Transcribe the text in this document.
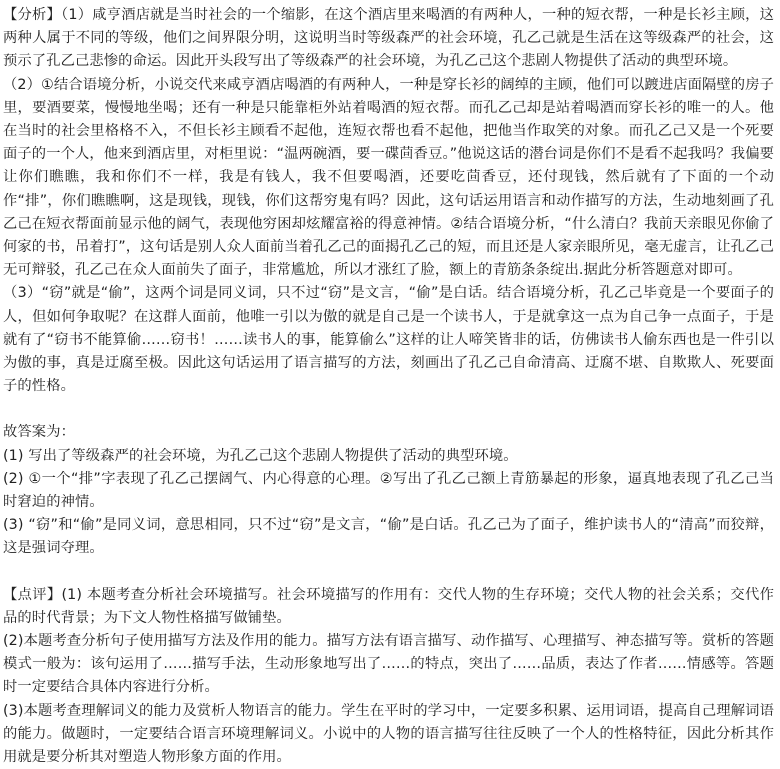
【分析】（1）咸亨酒店就是当时社会的一个缩影，在这个酒店里来喝酒的有两种人，一种的短衣帮，一种是长衫主顾，这两种人属于不同的等级，他们之间界限分明，这说明当时等级森严的社会环境，孔乙己就是生活在这等级森严的社会，这预示了孔乙己悲惨的命运。因此开头段写出了等级森严的社会环境，为孔乙己这个悲剧人物提供了活动的典型环境。

（2）①结合语境分析，小说交代来咸亨酒店喝酒的有两种人，一种是穿长衫的阔绰的主顾，他们可以踱进店面隔壁的房子里，要酒要菜，慢慢地坐喝；还有一种是只能靠柜外站着喝酒的短衣帮。而孔乙己却是站着喝酒而穿长衫的唯一的人。他在当时的社会里格格不入，不但长衫主顾看不起他，连短衣帮也看不起他，把他当作取笑的对象。而孔乙己又是一个死要面子的一个人，他来到酒店里，对柜里说：“温两碗酒，要一碟茴香豆。”他说这话的潜台词是你们不是看不起我吗？我偏要让你们瞧瞧，我和你们不一样，我是有钱人，我不但要喝酒，还要吃茴香豆，还付现钱，然后就有了下面的一个动作“排”，你们瞧瞧啊，这是现钱，现钱，你们这帮穷鬼有吗？因此，这句话运用语言和动作描写的方法，生动地刻画了孔乙己在短衣帮面前显示他的阔气，表现他穷困却炫耀富裕的得意神情。②结合语境分析，“什么清白？我前天亲眼见你偷了何家的书，吊着打”，这句话是别人众人面前当着孔乙己的面揭孔乙己的短，而且还是人家亲眼所见，毫无虚言，让孔乙己无可辩驳，孔乙己在众人面前失了面子，非常尴尬，所以才涨红了脸，额上的青筋条条绽出.据此分析答题意对即可。

（3）“窃”就是“偷”，这两个词是同义词，只不过“窃”是文言，“偷”是白话。结合语境分析，孔乙己毕竟是一个要面子的人，但如何争取呢？在这群人面前，他唯一引以为傲的就是自己是一个读书人，于是就拿这一点为自己争一点面子，于是就有了“窃书不能算偷……窃书！……读书人的事，能算偷么”这样的让人啼笑皆非的话，仿佛读书人偷东西也是一件引以为傲的事，真是迂腐至极。因此这句话运用了语言描写的方法，刻画出了孔乙己自命清高、迂腐不堪、自欺欺人、死要面子的性格。

故答案为：

(1) 写出了等级森严的社会环境，为孔乙己这个悲剧人物提供了活动的典型环境。

(2) ①一个“排”字表现了孔乙己摆阔气、内心得意的心理。②写出了孔乙己额上青筋暴起的形象，逼真地表现了孔乙己当时窘迫的神情。

(3) “窃”和“偷”是同义词，意思相同，只不过“窃”是文言，“偷”是白话。孔乙己为了面子，维护读书人的“清高”而狡辩，这是强词夺理。

【点评】(1) 本题考查分析社会环境描写。社会环境描写的作用有：交代人物的生存环境；交代人物的社会关系；交代作品的时代背景；为下文人物性格描写做铺垫。

(2)本题考查分析句子使用描写方法及作用的能力。描写方法有语言描写、动作描写、心理描写、神态描写等。赏析的答题模式一般为：该句运用了……描写手法，生动形象地写出了……的特点，突出了……品质，表达了作者……情感等。答题时一定要结合具体内容进行分析。

(3)本题考查理解词义的能力及赏析人物语言的能力。学生在平时的学习中，一定要多积累、运用词语，提高自己理解词语的能力。做题时，一定要结合语言环境理解词义。小说中的人物的语言描写往往反映了一个人的性格特征，因此分析其作用就是要分析其对塑造人物形象方面的作用。
